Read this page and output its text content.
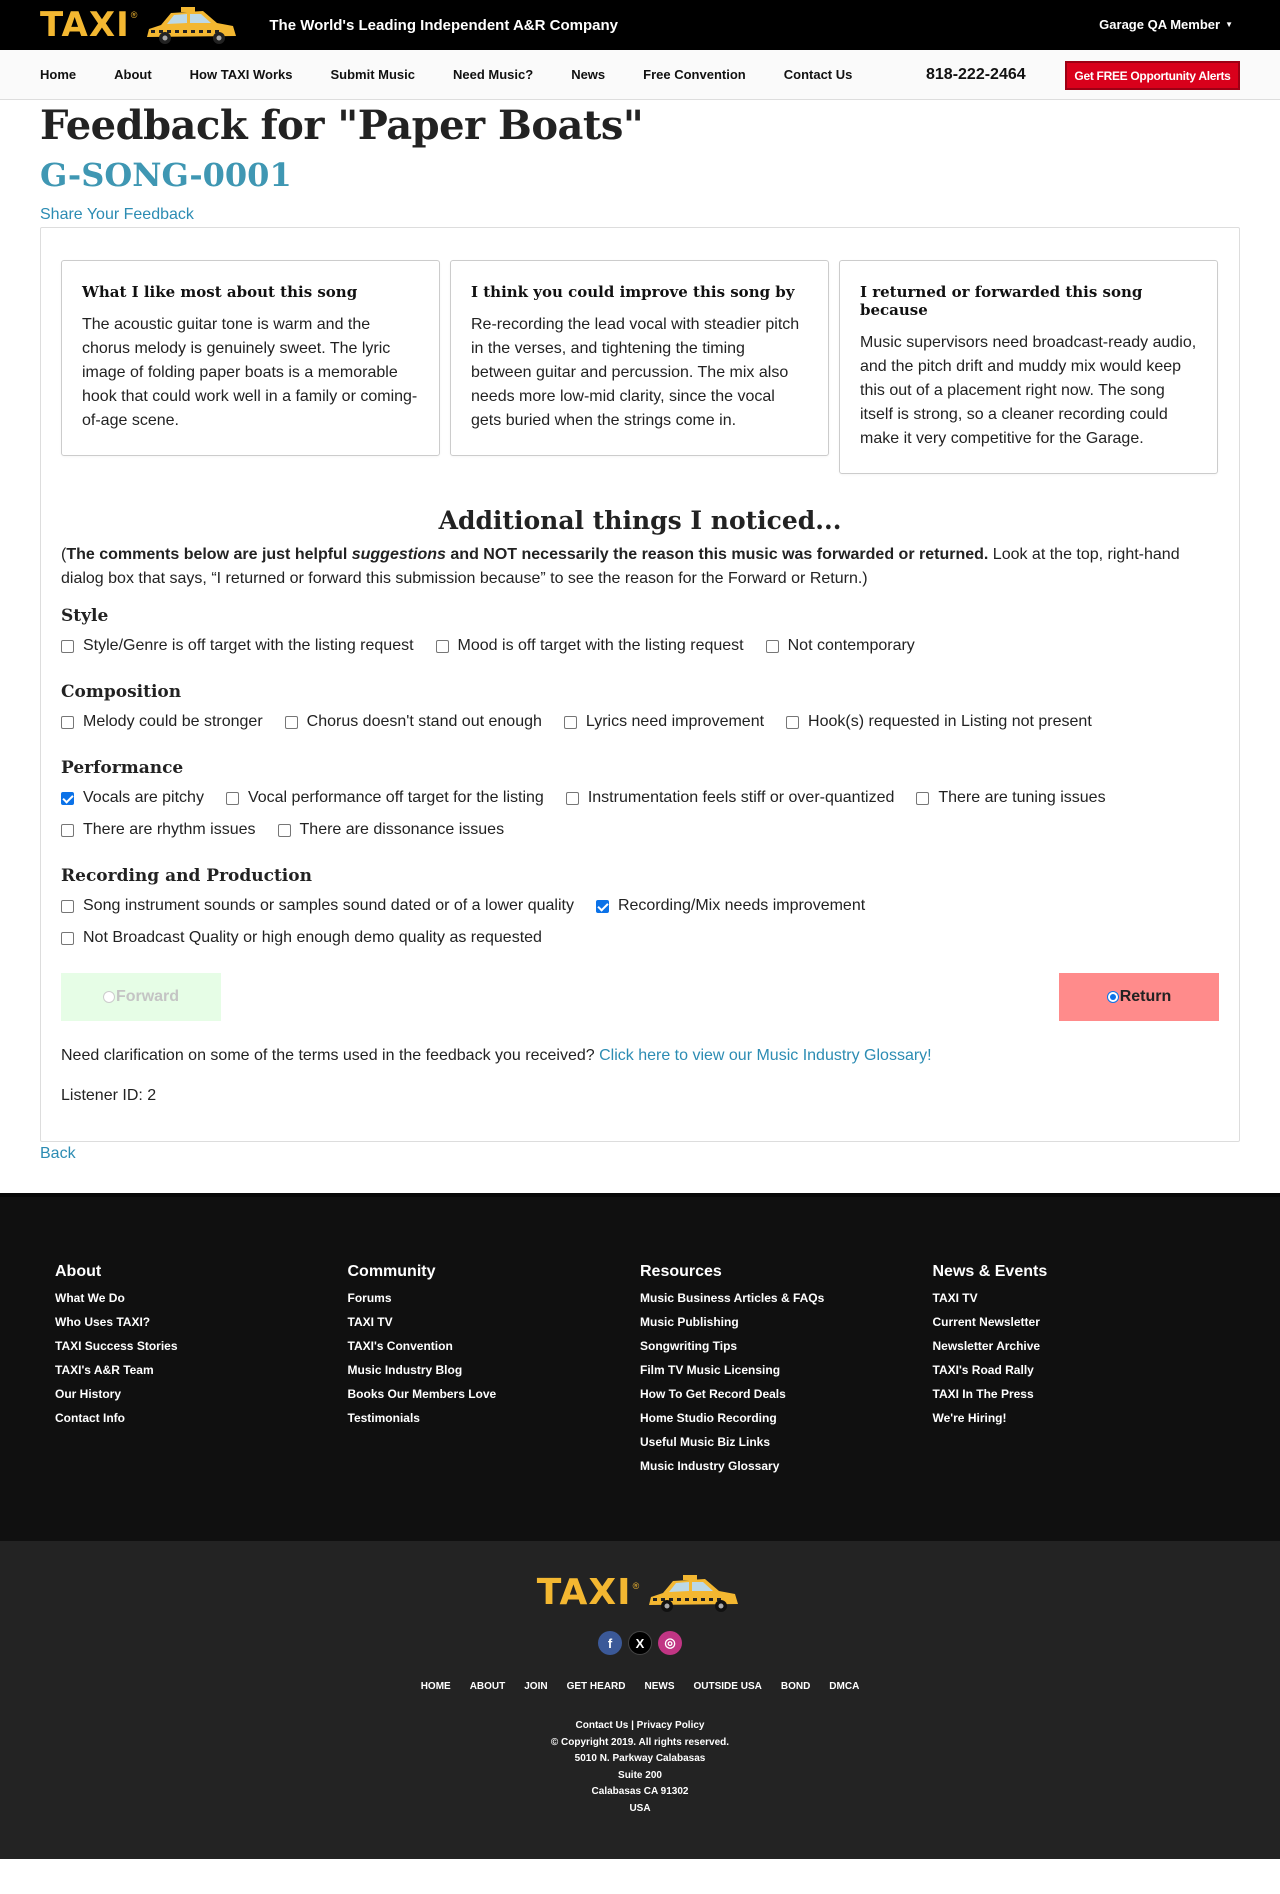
TAXI ®
The World's Leading Independent A&R Company	Garage QA Member ▼
Home	About	How TAXI Works	Submit Music	Need Music?	News	Free Convention	Contact Us	818-222-2464	Get FREE Opportunity Alerts
Feedback for "Paper Boats"
G-SONG-0001
Share Your Feedback
What I like most about this song

The acoustic guitar tone is warm and the chorus melody is genuinely sweet. The lyric image of folding paper boats is a memorable hook that could work well in a family or coming-of-age scene.

I think you could improve this song by

Re-recording the lead vocal with steadier pitch in the verses, and tightening the timing between guitar and percussion. The mix also needs more low-mid clarity, since the vocal gets buried when the strings come in.

I returned or forwarded this song because

Music supervisors need broadcast-ready audio, and the pitch drift and muddy mix would keep this out of a placement right now. The song itself is strong, so a cleaner recording could make it very competitive for the Garage.

Additional things I noticed...

(The comments below are just helpful suggestions and NOT necessarily the reason this music was forwarded or returned. Look at the top, right-hand dialog box that says, “I returned or forward this submission because” to see the reason for the Forward or Return.)

Style
Style/Genre is off target with the listing request	Mood is off target with the listing request	Not contemporary
Composition
Melody could be stronger	Chorus doesn't stand out enough	Lyrics need improvement	Hook(s) requested in Listing not present
Performance
Vocals are pitchy	Vocal performance off target for the listing	Instrumentation feels stiff or over-quantized	There are tuning issues
There are rhythm issues	There are dissonance issues
Recording and Production
Song instrument sounds or samples sound dated or of a lower quality	Recording/Mix needs improvement
Not Broadcast Quality or high enough demo quality as requested
Forward	Return

Need clarification on some of the terms used in the feedback you received? Click here to view our Music Industry Glossary!

Listener ID: 2

Back
About
What We Do
Who Uses TAXI?
TAXI Success Stories
TAXI's A&R Team
Our History
Contact Info
Community
Forums
TAXI TV
TAXI's Convention
Music Industry Blog
Books Our Members Love
Testimonials
Resources
Music Business Articles & FAQs
Music Publishing
Songwriting Tips
Film TV Music Licensing
How To Get Record Deals
Home Studio Recording
Useful Music Biz Links
Music Industry Glossary
News & Events
TAXI TV
Current Newsletter
Newsletter Archive
TAXI's Road Rally
TAXI In The Press
We're Hiring!
TAXI ®
f	X	◎
HOME ABOUT JOIN GET HEARD NEWS OUTSIDE USA BOND DMCA
Contact Us | Privacy Policy
© Copyright 2019. All rights reserved.
5010 N. Parkway Calabasas
Suite 200
Calabasas CA 91302
USA
